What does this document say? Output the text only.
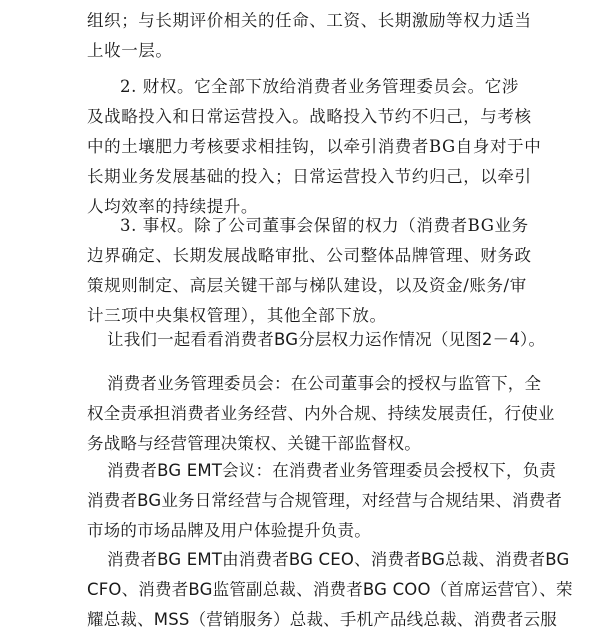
组织；与长期评价相关的任命、工资、长期激励等权力适当
上收一层。
2. 财权。它全部下放给消费者业务管理委员会。它涉
及战略投入和日常运营投入。战略投入节约不归己，与考核
中的土壤肥力考核要求相挂钩，以牵引消费者BG自身对于中
长期业务发展基础的投入；日常运营投入节约归己，以牵引
人均效率的持续提升。
3. 事权。除了公司董事会保留的权力（消费者BG业务
边界确定、长期发展战略审批、公司整体品牌管理、财务政
策规则制定、高层关键干部与梯队建设，以及资金/账务/审
计三项中央集权管理），其他全部下放。
让我们一起看看消费者BG分层权力运作情况（见图2－4）。
消费者业务管理委员会：在公司董事会的授权与监管下，全
权全责承担消费者业务经营、内外合规、持续发展责任，行使业
务战略与经营管理决策权、关键干部监督权。
消费者BG EMT会议：在消费者业务管理委员会授权下，负责
消费者BG业务日常经营与合规管理，对经营与合规结果、消费者
市场的市场品牌及用户体验提升负责。
消费者BG EMT由消费者BG CEO、消费者BG总裁、消费者BG
CFO、消费者BG监管副总裁、消费者BG COO（首席运营官）、荣
耀总裁、MSS（营销服务）总裁、手机产品线总裁、消费者云服
